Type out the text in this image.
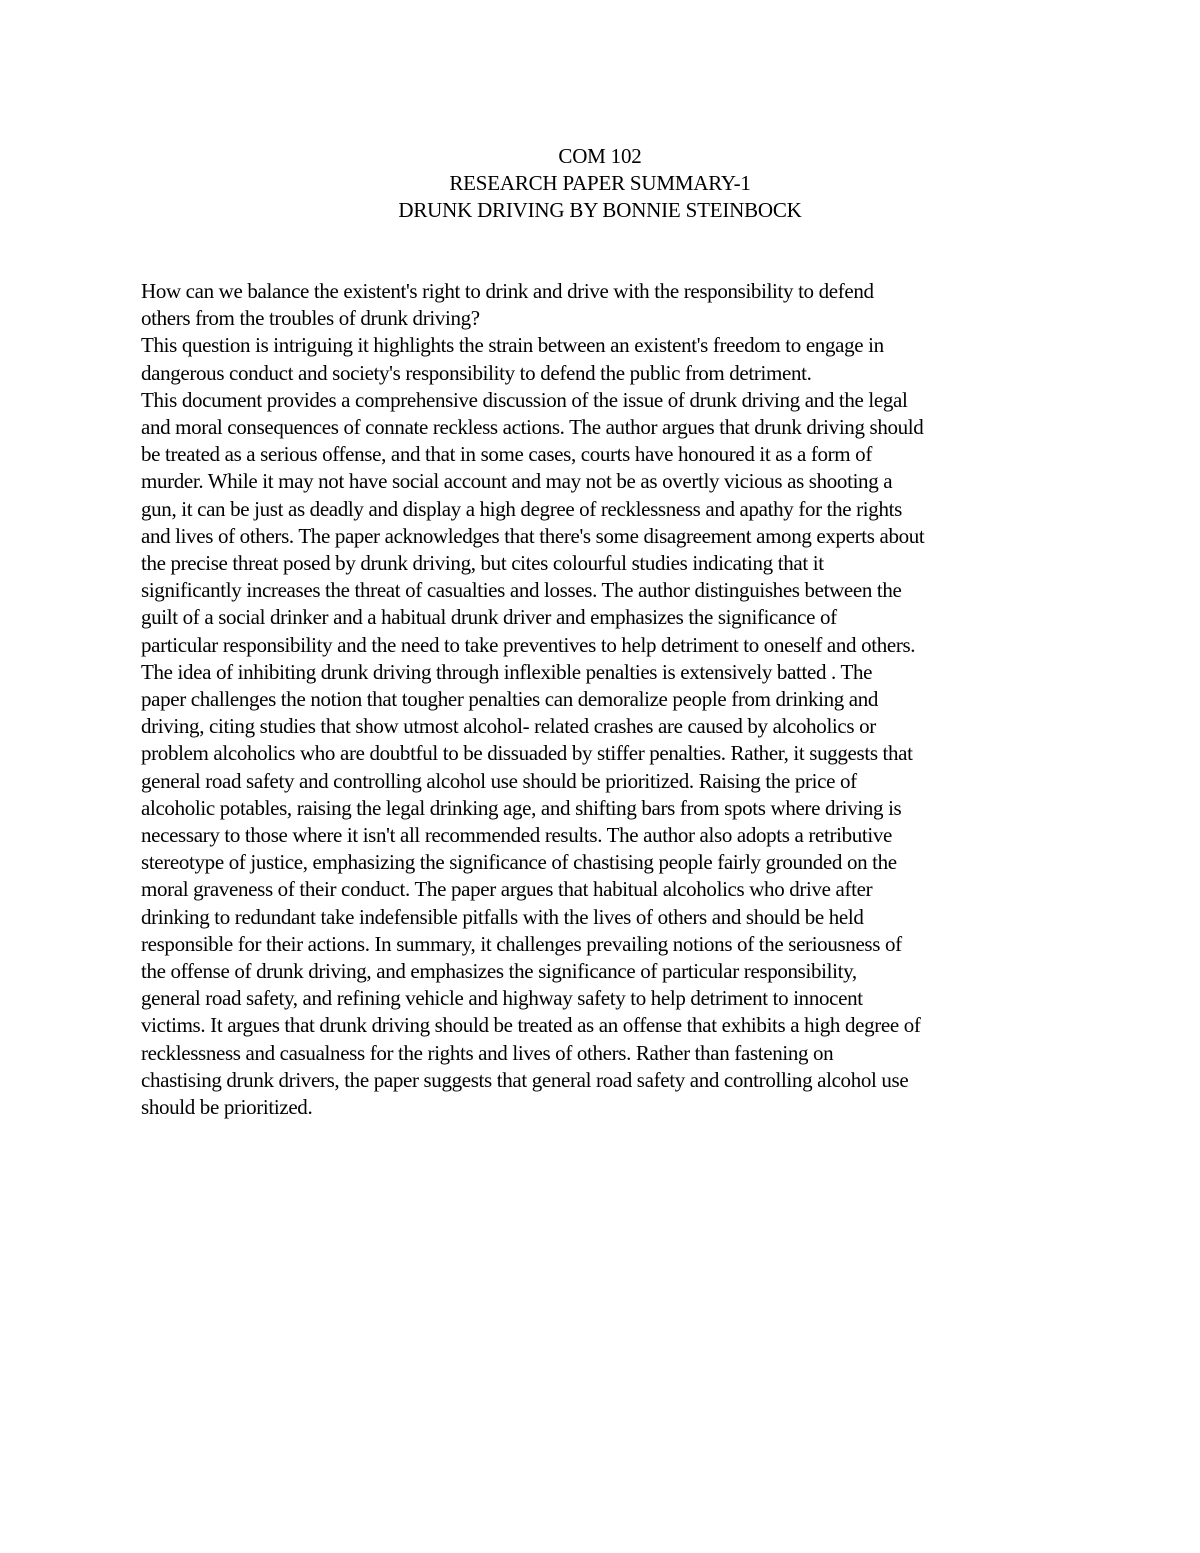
COM 102
RESEARCH PAPER SUMMARY-1
DRUNK DRIVING BY BONNIE STEINBOCK
How can we balance the existent's right to drink and drive with the responsibility to defend
others from the troubles of drunk driving?
This question is intriguing it highlights the strain between an existent's freedom to engage in
dangerous conduct and society's responsibility to defend the public from detriment.
This document provides a comprehensive discussion of the issue of drunk driving and the legal
and moral consequences of connate reckless actions. The author argues that drunk driving should
be treated as a serious offense, and that in some cases, courts have honoured it as a form of
murder. While it may not have social account and may not be as overtly vicious as shooting a
gun, it can be just as deadly and display a high degree of recklessness and apathy for the rights
and lives of others. The paper acknowledges that there's some disagreement among experts about
the precise threat posed by drunk driving, but cites colourful studies indicating that it
significantly increases the threat of casualties and losses. The author distinguishes between the
guilt of a social drinker and a habitual drunk driver and emphasizes the significance of
particular responsibility and the need to take preventives to help detriment to oneself and others.
The idea of inhibiting drunk driving through inflexible penalties is extensively batted . The
paper challenges the notion that tougher penalties can demoralize people from drinking and
driving, citing studies that show utmost alcohol- related crashes are caused by alcoholics or
problem alcoholics who are doubtful to be dissuaded by stiffer penalties. Rather, it suggests that
general road safety and controlling alcohol use should be prioritized. Raising the price of
alcoholic potables, raising the legal drinking age, and shifting bars from spots where driving is
necessary to those where it isn't all recommended results. The author also adopts a retributive
stereotype of justice, emphasizing the significance of chastising people fairly grounded on the
moral graveness of their conduct. The paper argues that habitual alcoholics who drive after
drinking to redundant take indefensible pitfalls with the lives of others and should be held
responsible for their actions. In summary, it challenges prevailing notions of the seriousness of
the offense of drunk driving, and emphasizes the significance of particular responsibility,
general road safety, and refining vehicle and highway safety to help detriment to innocent
victims. It argues that drunk driving should be treated as an offense that exhibits a high degree of
recklessness and casualness for the rights and lives of others. Rather than fastening on
chastising drunk drivers, the paper suggests that general road safety and controlling alcohol use
should be prioritized.
